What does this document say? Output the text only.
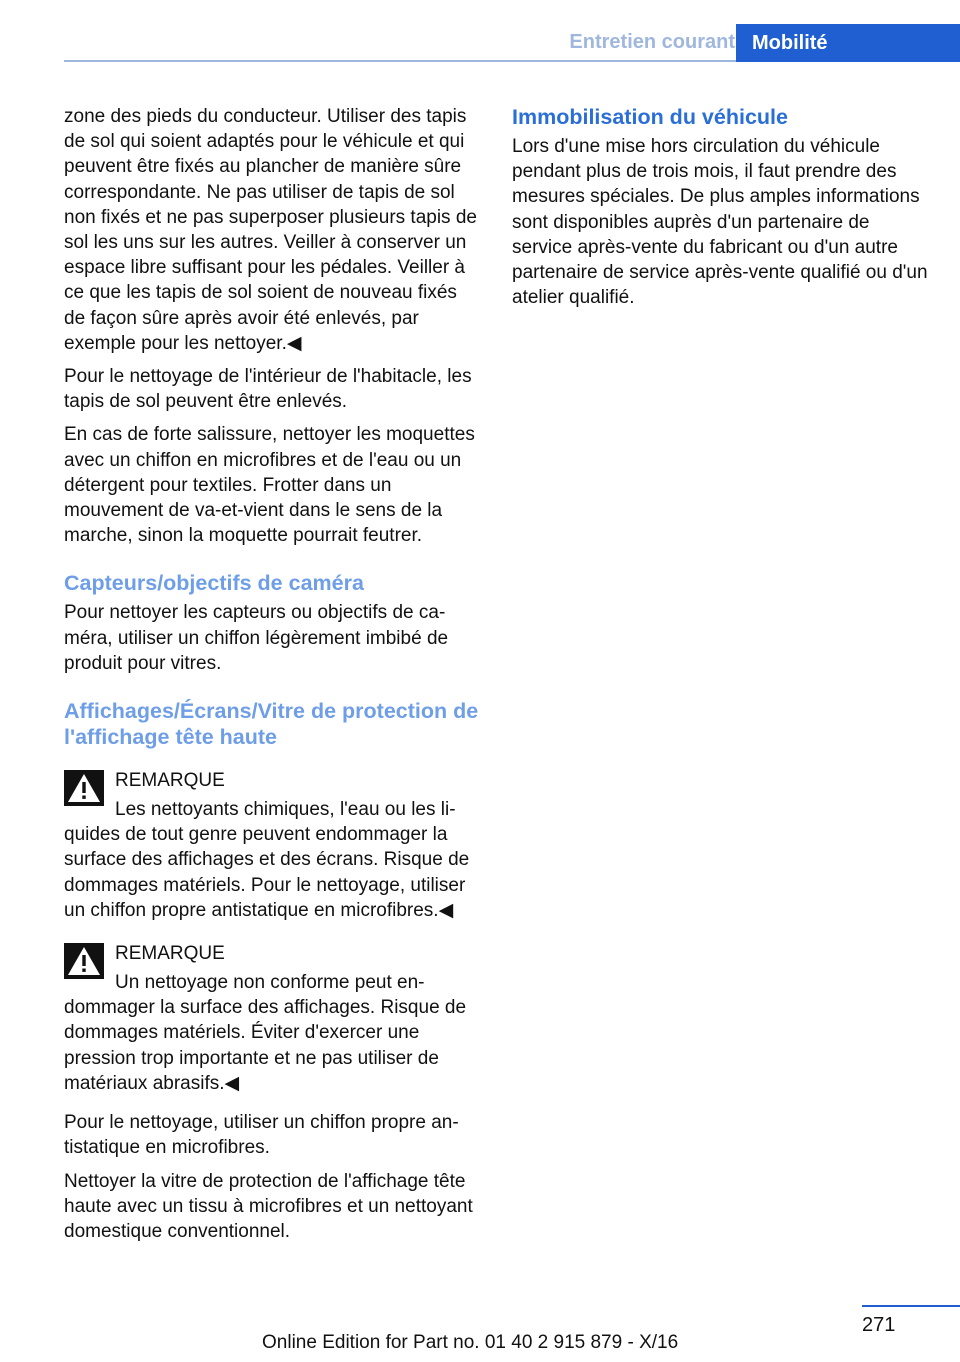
Entretien courant Mobilité

zone des pieds du conducteur. Utiliser des tapis de sol qui soient adaptés pour le véhicule et qui peuvent être fixés au plancher de manière sûre correspondante. Ne pas utiliser de tapis de sol non fixés et ne pas superposer plusieurs tapis de sol les uns sur les autres. Veiller à conserver un espace libre suffisant pour les pédales. Veiller à ce que les tapis de sol soient de nouveau fixés de façon sûre après avoir été enlevés, par exemple pour les nettoyer.◀

Pour le nettoyage de l'intérieur de l'habitacle, les tapis de sol peuvent être enlevés.

En cas de forte salissure, nettoyer les moquettes avec un chiffon en microfibres et de l'eau ou un détergent pour textiles. Frotter dans un mouvement de va-et-vient dans le sens de la marche, sinon la moquette pourrait feutrer.

Capteurs/objectifs de caméra

Pour nettoyer les capteurs ou objectifs de caméra, utiliser un chiffon légèrement imbibé de produit pour vitres.

Affichages/Écrans/Vitre de protection de l'affichage tête haute
REMARQUE

Les nettoyants chimiques, l'eau ou les liquides de tout genre peuvent endommager la surface des affichages et des écrans. Risque de dommages matériels. Pour le nettoyage, utiliser un chiffon propre antistatique en microfibres.◀

REMARQUE

Un nettoyage non conforme peut endommager la surface des affichages. Risque de dommages matériels. Éviter d'exercer une pression trop importante et ne pas utiliser de matériaux abrasifs.◀

Pour le nettoyage, utiliser un chiffon propre antistatique en microfibres.

Nettoyer la vitre de protection de l'affichage tête haute avec un tissu à microfibres et un nettoyant domestique conventionnel.

Immobilisation du véhicule

Lors d'une mise hors circulation du véhicule pendant plus de trois mois, il faut prendre des mesures spéciales. De plus amples informations sont disponibles auprès d'un partenaire de service après-vente du fabricant ou d'un autre partenaire de service après-vente qualifié ou d'un atelier qualifié.

271
Online Edition for Part no. 01 40 2 915 879 - X/16
